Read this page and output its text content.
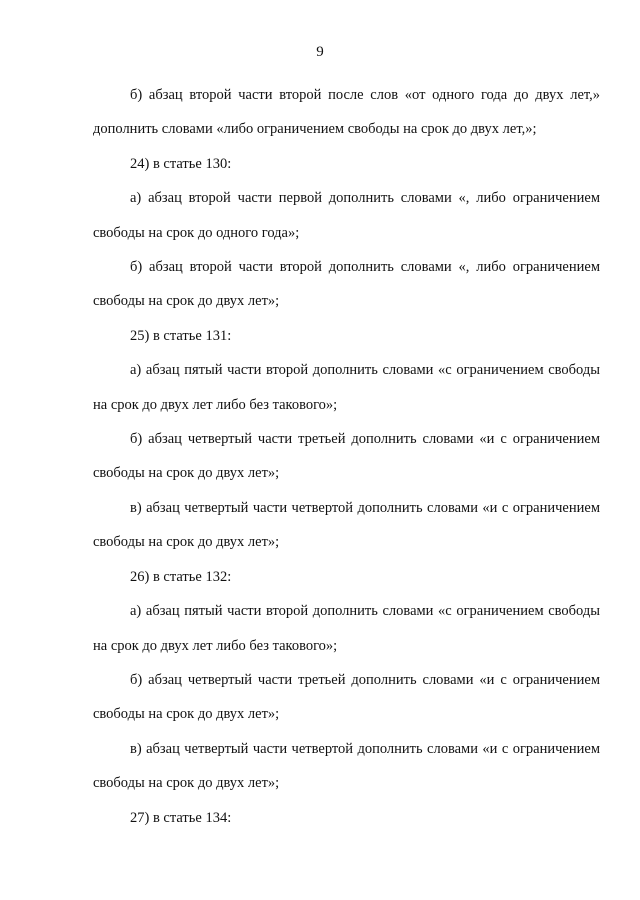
9

б) абзац второй части второй после слов «от одного года до двух лет,» дополнить словами «либо ограничением свободы на срок до двух лет,»;

24) в статье 130:

а) абзац второй части первой дополнить словами «, либо ограничением свободы на срок до одного года»;

б) абзац второй части второй дополнить словами «, либо ограничением свободы на срок до двух лет»;

25) в статье 131:

а) абзац пятый части второй дополнить словами «с ограничением свободы на срок до двух лет либо без такового»;

б) абзац четвертый части третьей дополнить словами «и с ограничением свободы на срок до двух лет»;

в) абзац четвертый части четвертой дополнить словами «и с ограничением свободы на срок до двух лет»;

26) в статье 132:

а) абзац пятый части второй дополнить словами «с ограничением свободы на срок до двух лет либо без такового»;

б) абзац четвертый части третьей дополнить словами «и с ограничением свободы на срок до двух лет»;

в) абзац четвертый части четвертой дополнить словами «и с ограничением свободы на срок до двух лет»;

27) в статье 134:
